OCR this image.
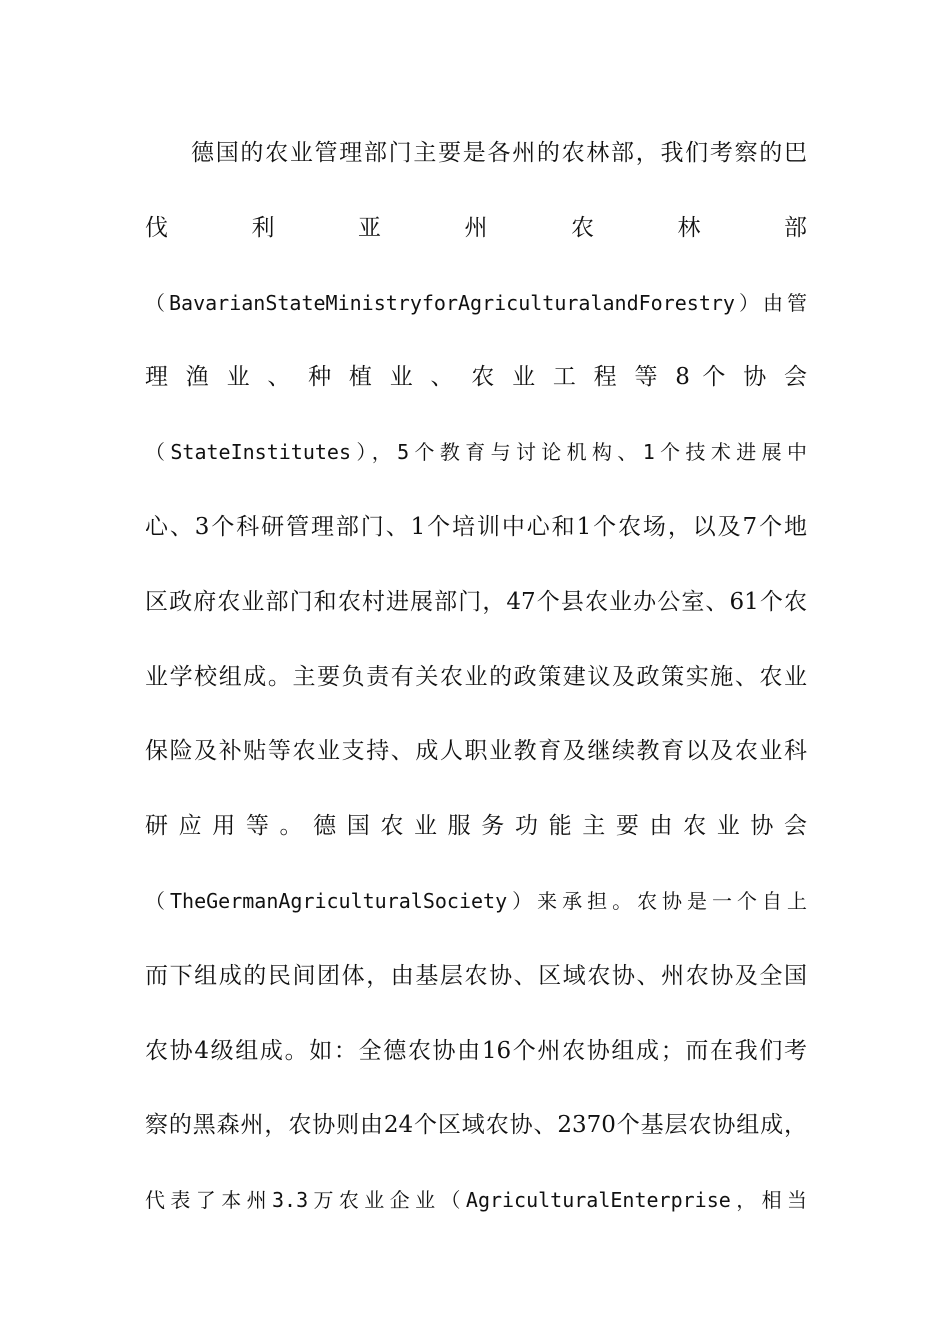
德国的农业管理部门主要是各州的农林部，我们考察的巴
伐 利 亚 州 农 林 部
（BavarianStateMinistryforAgriculturalandForestry）由管
理 渔 业 、 种 植 业 、 农 业 工 程 等 8 个 协 会
（StateInstitutes），5个教育与讨论机构、1个技术进展中
心、3个科研管理部门、1个培训中心和1个农场，以及7个地
区政府农业部门和农村进展部门，47个县农业办公室、61个农
业学校组成。主要负责有关农业的政策建议及政策实施、农业
保险及补贴等农业支持、成人职业教育及继续教育以及农业科
研 应 用 等 。 德 国 农 业 服 务 功 能 主 要 由 农 业 协 会
（TheGermanAgriculturalSociety）来承担。农协是一个自上
而下组成的民间团体，由基层农协、区域农协、州农协及全国
农协4级组成。如：全德农协由16个州农协组成；而在我们考
察的黑森州，农协则由24个区域农协、2370个基层农协组成，
代表了本州3.3万农业企业（AgriculturalEnterprise，相当
